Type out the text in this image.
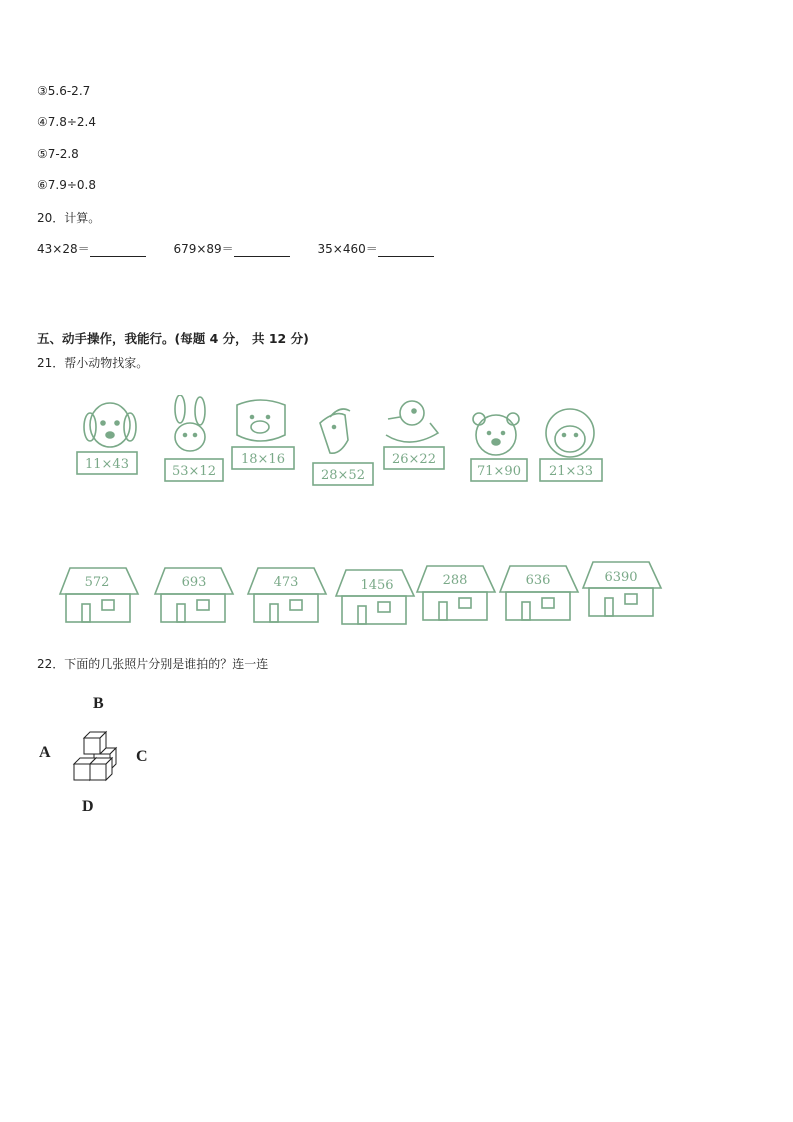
③5.6-2.7
④7.8÷2.4
⑤7-2.8
⑥7.9÷0.8
20．计算。
43×28＝	679×89＝	35×460＝
五、动手操作，我能行。(每题 4 分， 共 12 分)
21．帮小动物找家。
11×43	53×12
18×16
28×52
26×22
71×90 21×33
572	693	473	1456	288	636	6390
22．下面的几张照片分别是谁拍的？连一连
B
A	C
D
